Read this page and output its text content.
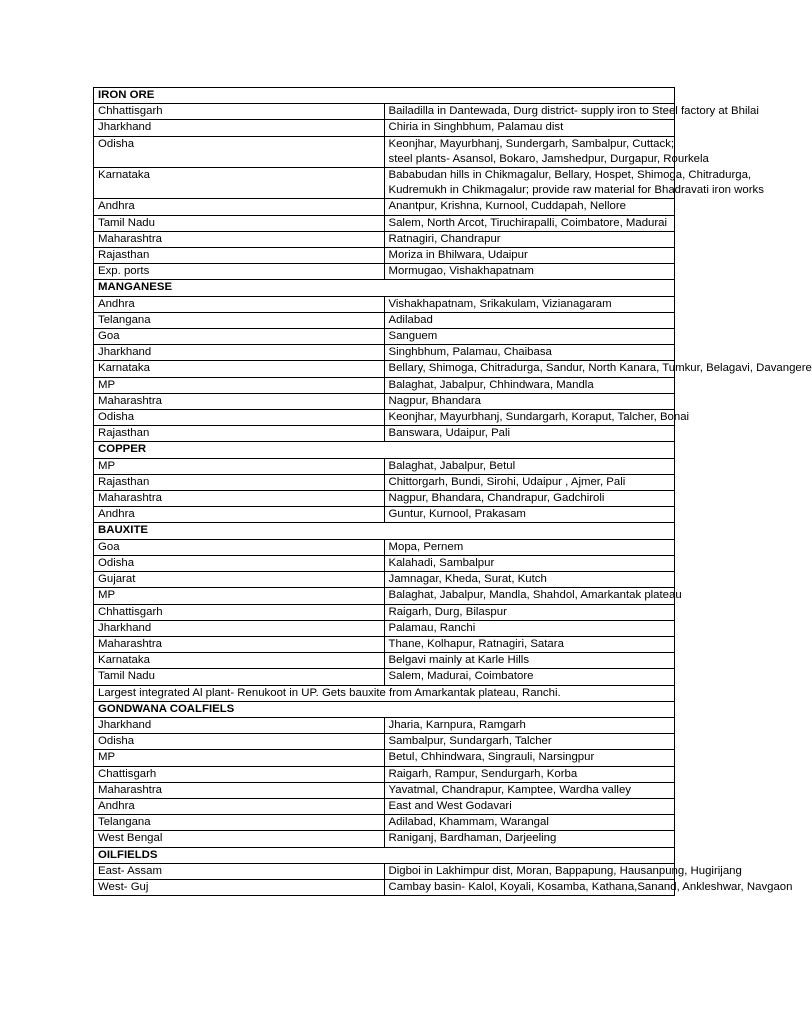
IRON ORE	
Chhattisgarh	Bailadilla in Dantewada, Durg district- supply iron to Steel factory at Bhilai

Jharkhand	Chiria in Singhbhum, Palamau dist

Odisha	Keonjhar, Mayurbhanj, Sundergarh, Sambalpur, Cuttack;
steel plants- Asansol, Bokaro, Jamshedpur, Durgapur, Rourkela

Karnataka	Bababudan hills in Chikmagalur, Bellary, Hospet, Shimoga, Chitradurga,
Kudremukh in Chikmagalur; provide raw material for Bhadravati iron works

Andhra	Anantpur, Krishna, Kurnool, Cuddapah, Nellore

Tamil Nadu	Salem, North Arcot, Tiruchirapalli, Coimbatore, Madurai

Maharashtra	Ratnagiri, Chandrapur

Rajasthan	Moriza in Bhilwara, Udaipur

Exp. ports	Mormugao, Vishakhapatnam

MANGANESE	
Andhra	Vishakhapatnam, Srikakulam, Vizianagaram

Telangana	Adilabad

Goa	Sanguem

Jharkhand	Singhbhum, Palamau, Chaibasa

Karnataka	Bellary, Shimoga, Chitradurga, Sandur, North Kanara, Tumkur, Belagavi, Davangere

MP	Balaghat, Jabalpur, Chhindwara, Mandla

Maharashtra	Nagpur, Bhandara

Odisha	Keonjhar, Mayurbhanj, Sundargarh, Koraput, Talcher, Bonai

Rajasthan	Banswara, Udaipur, Pali

COPPER	
MP	Balaghat, Jabalpur, Betul

Rajasthan	Chittorgarh, Bundi, Sirohi, Udaipur , Ajmer, Pali

Maharashtra	Nagpur, Bhandara, Chandrapur, Gadchiroli

Andhra	Guntur, Kurnool, Prakasam

BAUXITE	
Goa	Mopa, Pernem

Odisha	Kalahadi, Sambalpur

Gujarat	Jamnagar, Kheda, Surat, Kutch

MP	Balaghat, Jabalpur, Mandla, Shahdol, Amarkantak plateau

Chhattisgarh	Raigarh, Durg, Bilaspur

Jharkhand	Palamau, Ranchi

Maharashtra	Thane, Kolhapur, Ratnagiri, Satara

Karnataka	Belgavi mainly at Karle Hills

Tamil Nadu	Salem, Madurai, Coimbatore

Largest integrated Al plant- Renukoot in UP. Gets bauxite from Amarkantak plateau, Ranchi.	
GONDWANA COALFIELS	
Jharkhand	Jharia, Karnpura, Ramgarh

Odisha	Sambalpur, Sundargarh, Talcher

MP	Betul, Chhindwara, Singrauli, Narsingpur

Chattisgarh	Raigarh, Rampur, Sendurgarh, Korba

Maharashtra	Yavatmal, Chandrapur, Kamptee, Wardha valley

Andhra	East and West Godavari

Telangana	Adilabad, Khammam, Warangal

West Bengal	Raniganj, Bardhaman, Darjeeling

OILFIELDS	
East- Assam	Digboi in Lakhimpur dist, Moran, Bappapung, Hausanpung, Hugirijang

West- Guj	Cambay basin- Kalol, Koyali, Kosamba, Kathana,Sanand, Ankleshwar, Navgaon
